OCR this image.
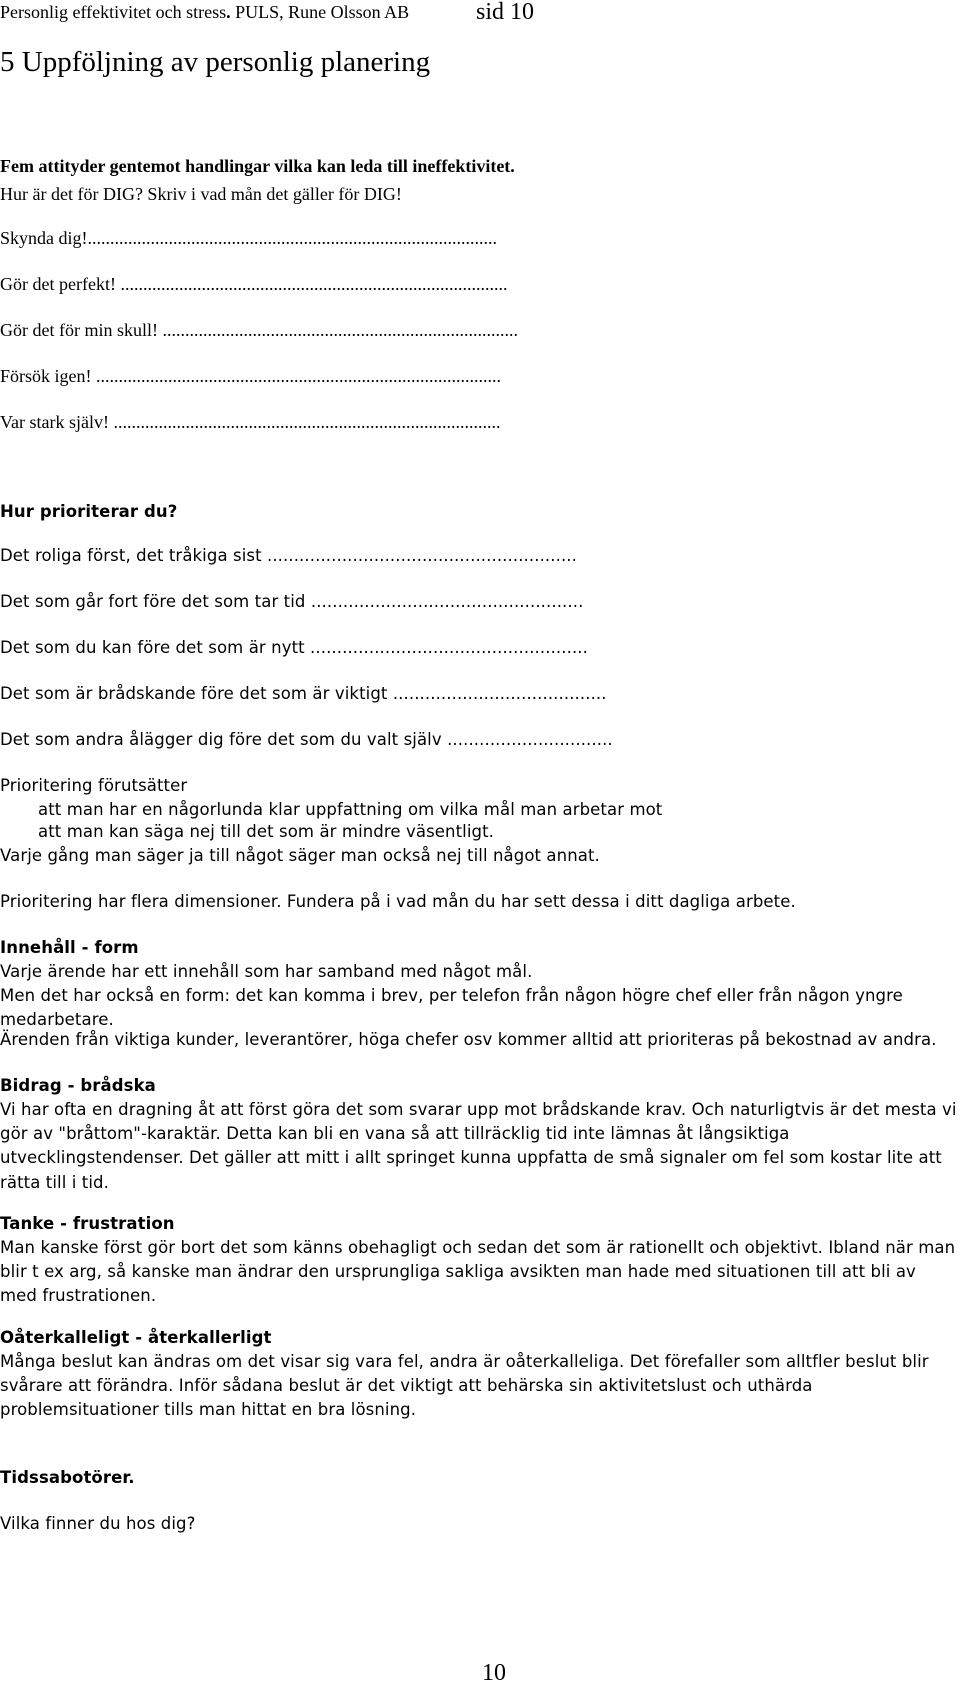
Personlig effektivitet och stress. PULS, Rune Olsson AB	sid 10
5 Uppföljning av personlig planering
Fem attityder gentemot handlingar vilka kan leda till ineffektivitet.
Hur är det för DIG? Skriv i vad mån det gäller för DIG!
Skynda dig!...........................................................................................
Gör det perfekt! ......................................................................................
Gör det för min skull! ...............................................................................
Försök igen! ..........................................................................................
Var stark själv! ......................................................................................
Hur prioriterar du?
Det roliga först, det tråkiga sist ..........................................................
Det som går fort före det som tar tid ...................................................
Det som du kan före det som är nytt ....................................................
Det som är brådskande före det som är viktigt ........................................
Det som andra ålägger dig före det som du valt själv ...............................
Prioritering förutsätter
att man har en någorlunda klar uppfattning om vilka mål man arbetar mot
att man kan säga nej till det som är mindre väsentligt.
Varje gång man säger ja till något säger man också nej till något annat.
Prioritering har flera dimensioner. Fundera på i vad mån du har sett dessa i ditt dagliga arbete.
Innehåll - form
Varje ärende har ett innehåll som har samband med något mål.
Men det har också en form: det kan komma i brev, per telefon från någon högre chef eller från någon yngre medarbetare.
Ärenden från viktiga kunder, leverantörer, höga chefer osv kommer alltid att prioriteras på bekostnad av andra.
Bidrag - brådska
Vi har ofta en dragning åt att först göra det som svarar upp mot brådskande krav. Och naturligtvis är det mesta vi gör av "bråttom"-karaktär. Detta kan bli en vana så att tillräcklig tid inte lämnas åt långsiktiga utvecklingstendenser. Det gäller att mitt i allt springet kunna uppfatta de små signaler om fel som kostar lite att rätta till i tid.
Tanke - frustration
Man kanske först gör bort det som känns obehagligt och sedan det som är rationellt och objektivt. Ibland när man blir t ex arg, så kanske man ändrar den ursprungliga sakliga avsikten man hade med situationen till att bli av med frustrationen.
Oåterkalleligt - återkallerligt
Många beslut kan ändras om det visar sig vara fel, andra är oåterkalleliga. Det förefaller som alltfler beslut blir svårare att förändra. Inför sådana beslut är det viktigt att behärska sin aktivitetslust och uthärda problemsituationer tills man hittat en bra lösning.
Tidssabotörer.
Vilka finner du hos dig?
10
